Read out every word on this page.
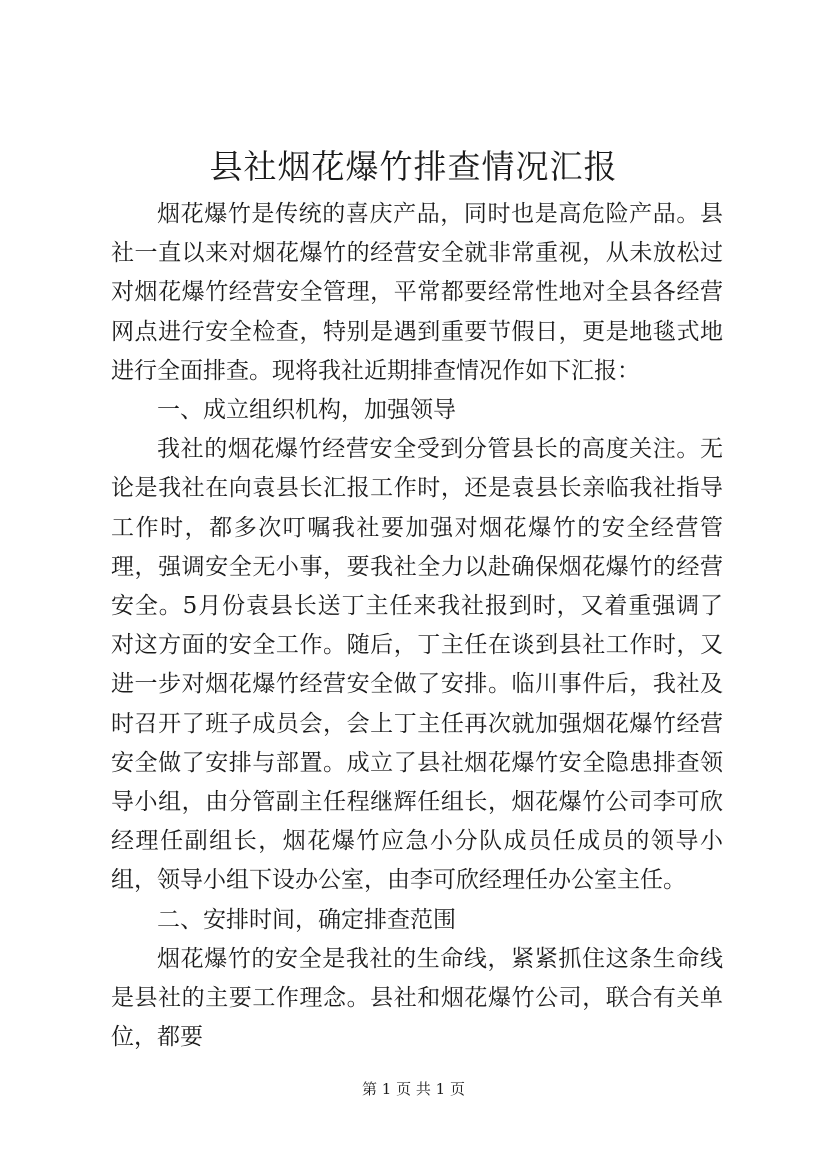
县社烟花爆竹排查情况汇报

烟花爆竹是传统的喜庆产品，同时也是高危险产品。县社一直以来对烟花爆竹的经营安全就非常重视，从未放松过对烟花爆竹经营安全管理，平常都要经常性地对全县各经营网点进行安全检查，特别是遇到重要节假日，更是地毯式地进行全面排查。现将我社近期排查情况作如下汇报：

一、成立组织机构，加强领导

我社的烟花爆竹经营安全受到分管县长的高度关注。无论是我社在向袁县长汇报工作时，还是袁县长亲临我社指导工作时，都多次叮嘱我社要加强对烟花爆竹的安全经营管理，强调安全无小事，要我社全力以赴确保烟花爆竹的经营安全。5月份袁县长送丁主任来我社报到时，又着重强调了对这方面的安全工作。随后，丁主任在谈到县社工作时，又进一步对烟花爆竹经营安全做了安排。临川事件后，我社及时召开了班子成员会，会上丁主任再次就加强烟花爆竹经营安全做了安排与部置。成立了县社烟花爆竹安全隐患排查领导小组，由分管副主任程继辉任组长，烟花爆竹公司李可欣经理任副组长，烟花爆竹应急小分队成员任成员的领导小组，领导小组下设办公室，由李可欣经理任办公室主任。

二、安排时间，确定排查范围

烟花爆竹的安全是我社的生命线，紧紧抓住这条生命线是县社的主要工作理念。县社和烟花爆竹公司，联合有关单位，都要

第 1 页 共 1 页
